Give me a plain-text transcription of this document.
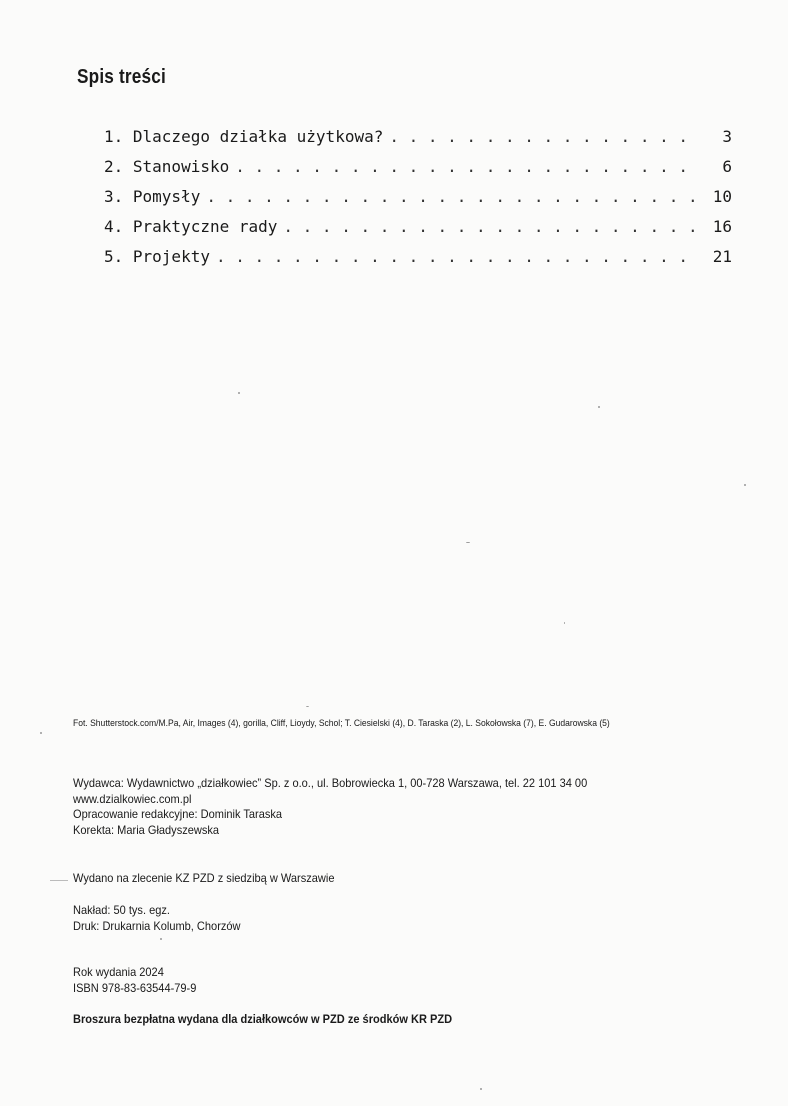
Spis treści
1. Dlaczego działka użytkowa? . . .	3
2. Stanowisko . . .	6
3. Pomysły . . .	10
4. Praktyczne rady . . .	16
5. Projekty . . .	21

Fot. Shutterstock.com/M.Pa, Air, Images (4), gorilla, Cliff, Lioydy, Schol; T. Ciesielski (4), D. Taraska (2), L. Sokołowska (7), E. Gudarowska (5)

Wydawca: Wydawnictwo „działkowiec” Sp. z o.o., ul. Bobrowiecka 1, 00-728 Warszawa, tel. 22 101 34 00

www.dzialkowiec.com.pl

Opracowanie redakcyjne: Dominik Taraska

Korekta: Maria Gładyszewska

Wydano na zlecenie KZ PZD z siedzibą w Warszawie

Nakład: 50 tys. egz.

Druk: Drukarnia Kolumb, Chorzów

Rok wydania 2024

ISBN 978-83-63544-79-9

Broszura bezpłatna wydana dla działkowców w PZD ze środków KR PZD
